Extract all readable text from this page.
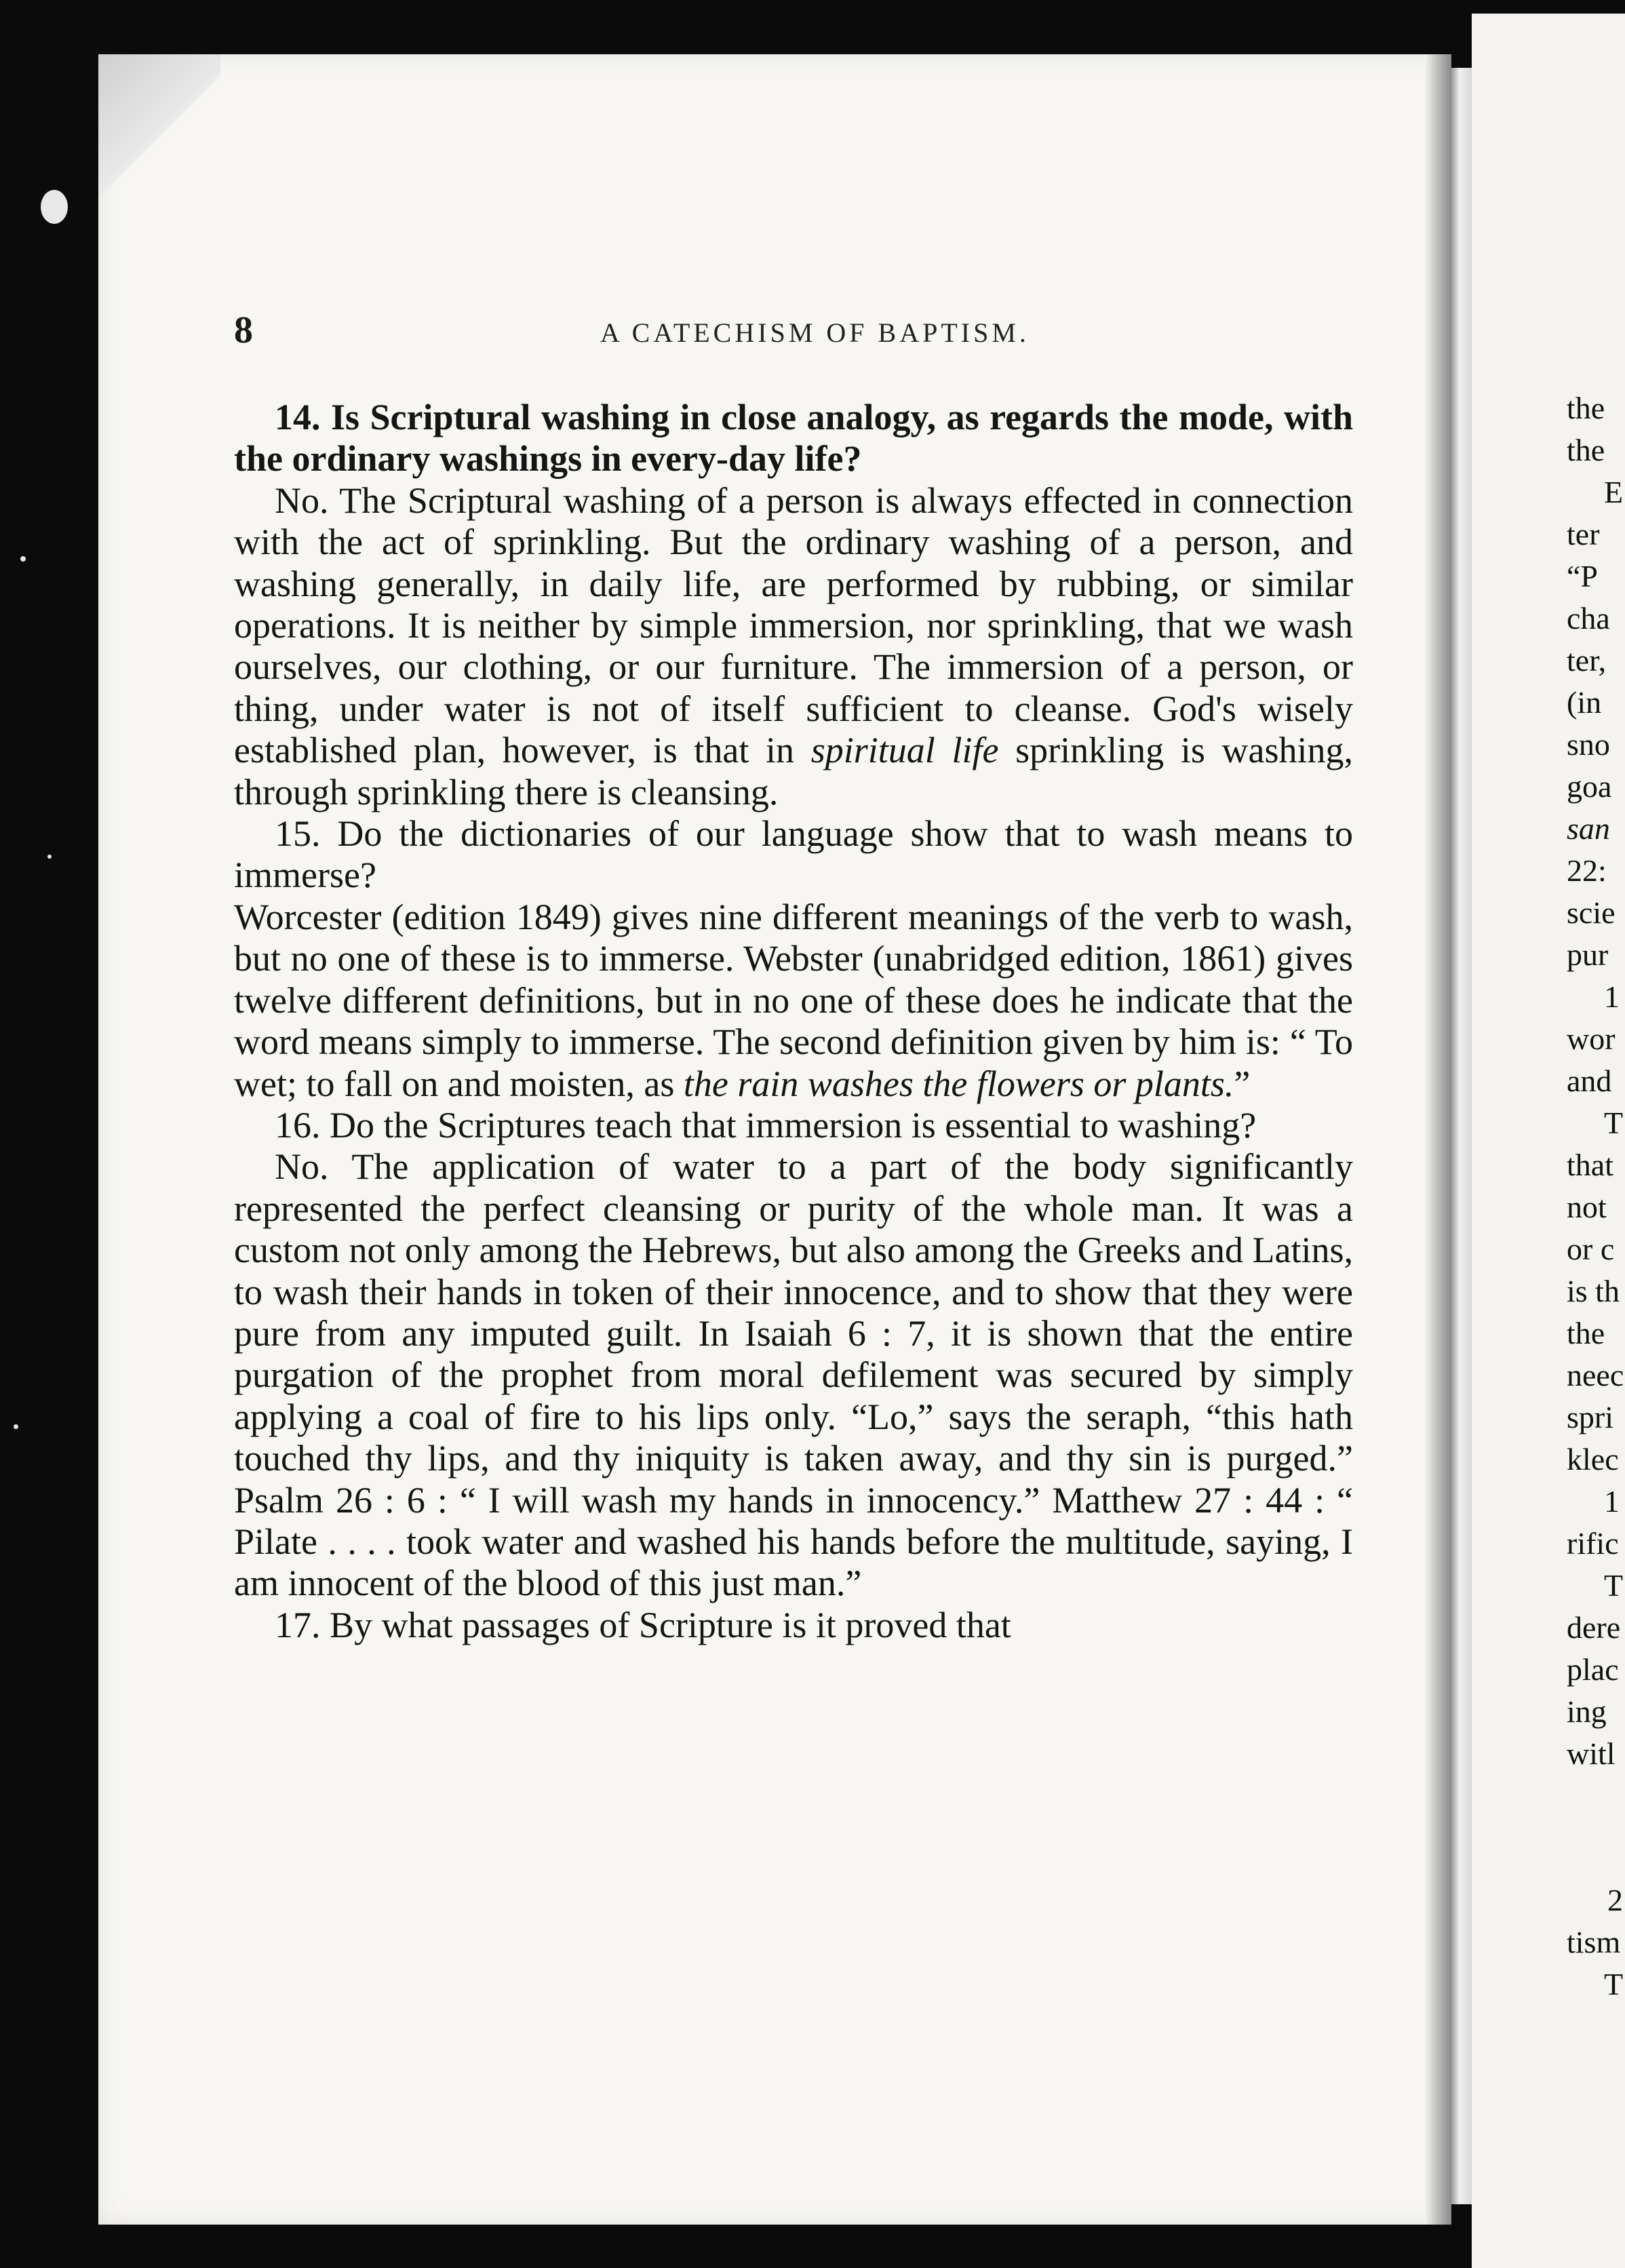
8	A CATECHISM OF BAPTISM.

14. Is Scriptural washing in close analogy, as regards the mode, with the ordinary washings in every-day life?

No. The Scriptural washing of a person is always effected in connection with the act of sprinkling. But the ordinary washing of a person, and washing generally, in daily life, are performed by rubbing, or similar operations. It is neither by simple immersion, nor sprinkling, that we wash ourselves, our clothing, or our furniture. The immersion of a person, or thing, under water is not of itself sufficient to cleanse. God's wisely established plan, however, is that in spiritual life sprinkling is washing, through sprinkling there is cleansing.

15. Do the dictionaries of our language show that to wash means to immerse?

Worcester (edition 1849) gives nine different meanings of the verb to wash, but no one of these is to immerse. Webster (unabridged edition, 1861) gives twelve different definitions, but in no one of these does he indicate that the word means simply to immerse. The second definition given by him is: “ To wet; to fall on and moisten, as the rain washes the flowers or plants.”

16. Do the Scriptures teach that immersion is essential to washing?

No. The application of water to a part of the body significantly represented the perfect cleansing or purity of the whole man. It was a custom not only among the Hebrews, but also among the Greeks and Latins, to wash their hands in token of their innocence, and to show that they were pure from any imputed guilt. In Isaiah 6 : 7, it is shown that the entire purgation of the prophet from moral defilement was secured by simply applying a coal of fire to his lips only. “Lo,” says the seraph, “this hath touched thy lips, and thy iniquity is taken away, and thy sin is purged.” Psalm 26 : 6 : “ I will wash my hands in innocency.” Matthew 27 : 44 : “ Pilate . . . . took water and washed his hands before the multitude, saying, I am innocent of the blood of this just man.”

17. By what passages of Scripture is it proved that

the
the
E
ter
“P
cha
ter,
(in
sno
goa
san
22:
scie
pur
1
wor
and
T
that
not
or c
is th
the
neec
spri
klec
1
rific
T
dere
plac
ing
witl
2
tism
T
